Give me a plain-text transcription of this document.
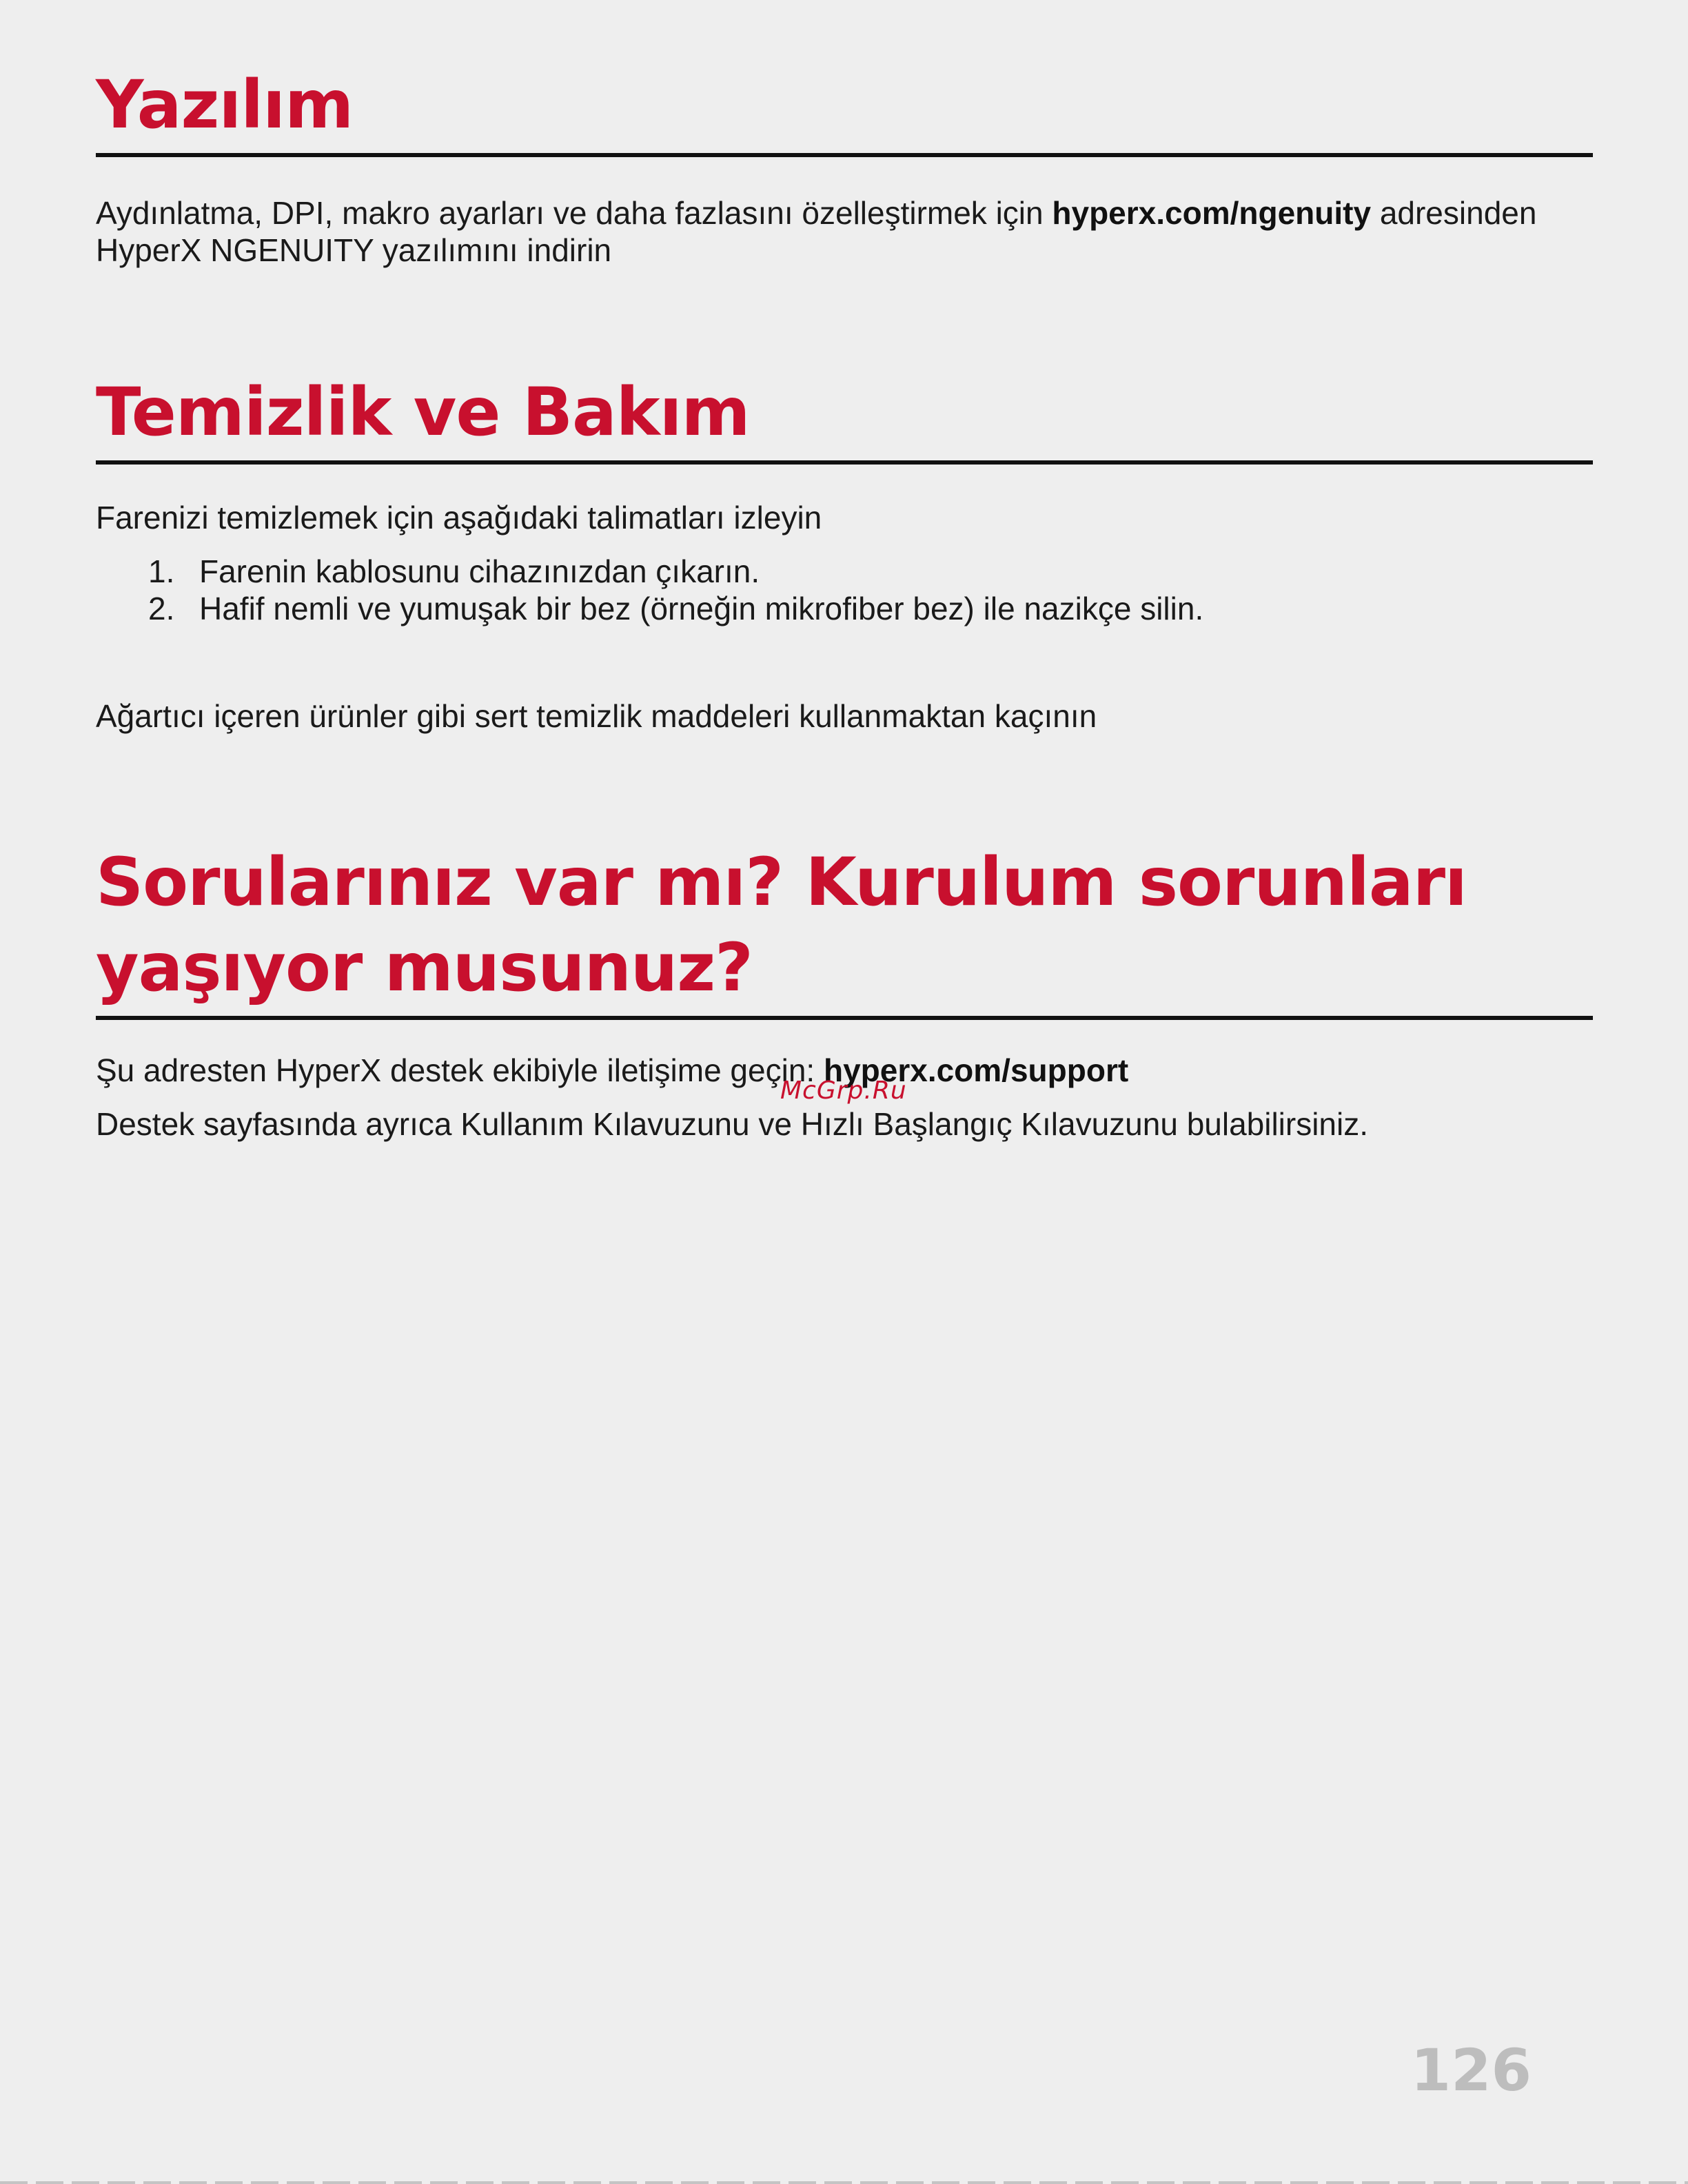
Yazılım

Aydınlatma, DPI, makro ayarları ve daha fazlasını özelleştirmek için hyperx.com/ngenuity adresinden HyperX NGENUITY yazılımını indirin

Temizlik ve Bakım

Farenizi temizlemek için aşağıdaki talimatları izleyin

1. Farenin kablosunu cihazınızdan çıkarın.
2. Hafif nemli ve yumuşak bir bez (örneğin mikrofiber bez) ile nazikçe silin.

Ağartıcı içeren ürünler gibi sert temizlik maddeleri kullanmaktan kaçının

Sorularınız var mı? Kurulum sorunları yaşıyor musunuz?

Şu adresten HyperX destek ekibiyle iletişime geçin: hyperx.com/support

Destek sayfasında ayrıca Kullanım Kılavuzunu ve Hızlı Başlangıç Kılavuzunu bulabilirsiniz.

McGrp.Ru
126
